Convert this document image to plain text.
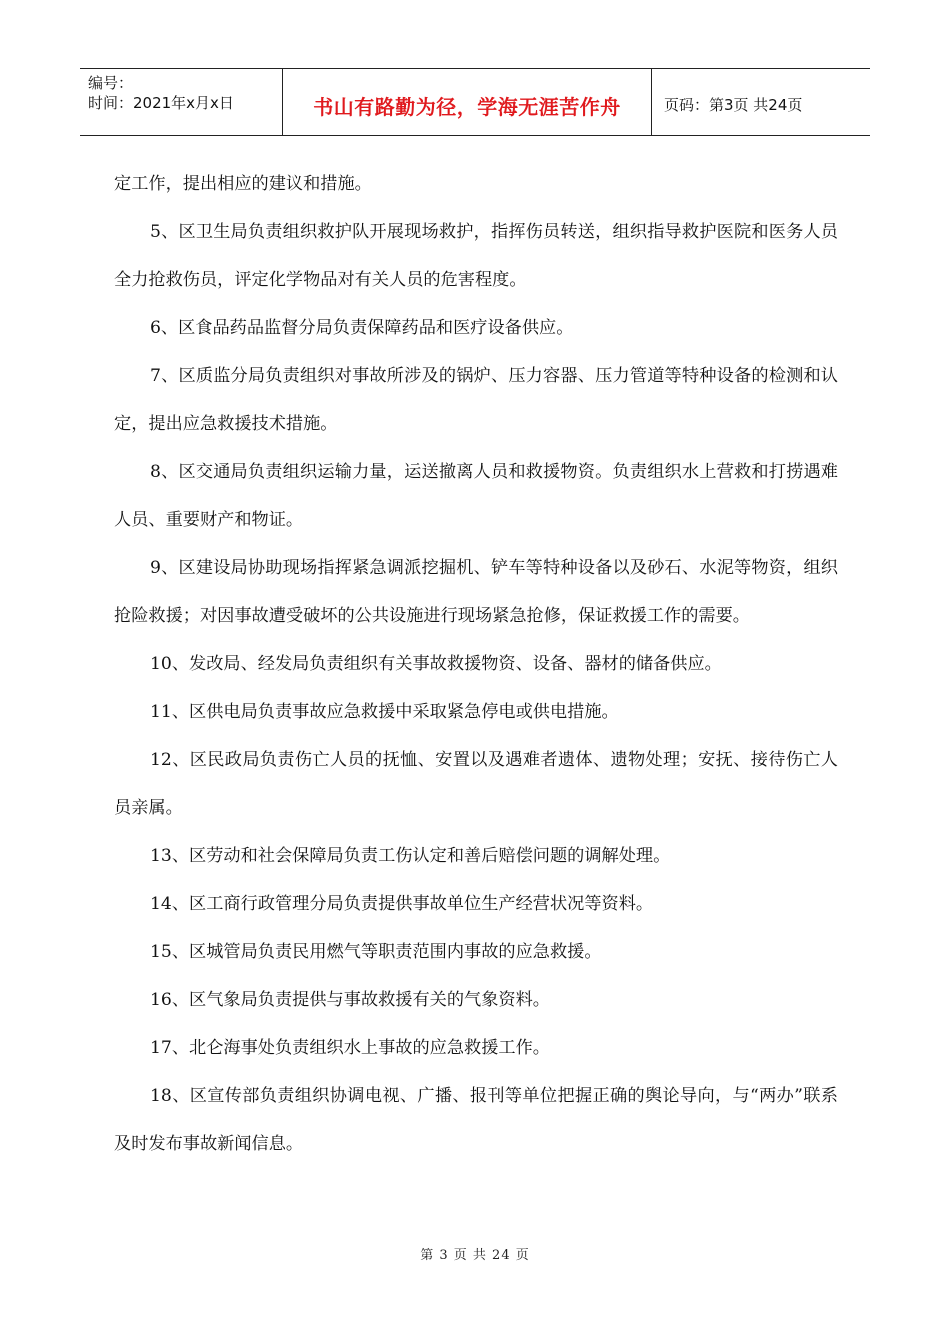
编号：
时间：2021年x月x日	书山有路勤为径，学海无涯苦作舟	页码：第3页 共24页

定工作，提出相应的建议和措施。

5、区卫生局负责组织救护队开展现场救护，指挥伤员转送，组织指导救护医院和医务人员全力抢救伤员，评定化学物品对有关人员的危害程度。

6、区食品药品监督分局负责保障药品和医疗设备供应。

7、区质监分局负责组织对事故所涉及的锅炉、压力容器、压力管道等特种设备的检测和认定，提出应急救援技术措施。

8、区交通局负责组织运输力量，运送撤离人员和救援物资。负责组织水上营救和打捞遇难人员、重要财产和物证。

9、区建设局协助现场指挥紧急调派挖掘机、铲车等特种设备以及砂石、水泥等物资，组织抢险救援；对因事故遭受破坏的公共设施进行现场紧急抢修，保证救援工作的需要。

10、发改局、经发局负责组织有关事故救援物资、设备、器材的储备供应。

11、区供电局负责事故应急救援中采取紧急停电或供电措施。

12、区民政局负责伤亡人员的抚恤、安置以及遇难者遗体、遗物处理；安抚、接待伤亡人员亲属。

13、区劳动和社会保障局负责工伤认定和善后赔偿问题的调解处理。

14、区工商行政管理分局负责提供事故单位生产经营状况等资料。

15、区城管局负责民用燃气等职责范围内事故的应急救援。

16、区气象局负责提供与事故救援有关的气象资料。

17、北仑海事处负责组织水上事故的应急救援工作。

18、区宣传部负责组织协调电视、广播、报刊等单位把握正确的舆论导向，与“两办”联系及时发布事故新闻信息。

第 3 页 共 24 页
